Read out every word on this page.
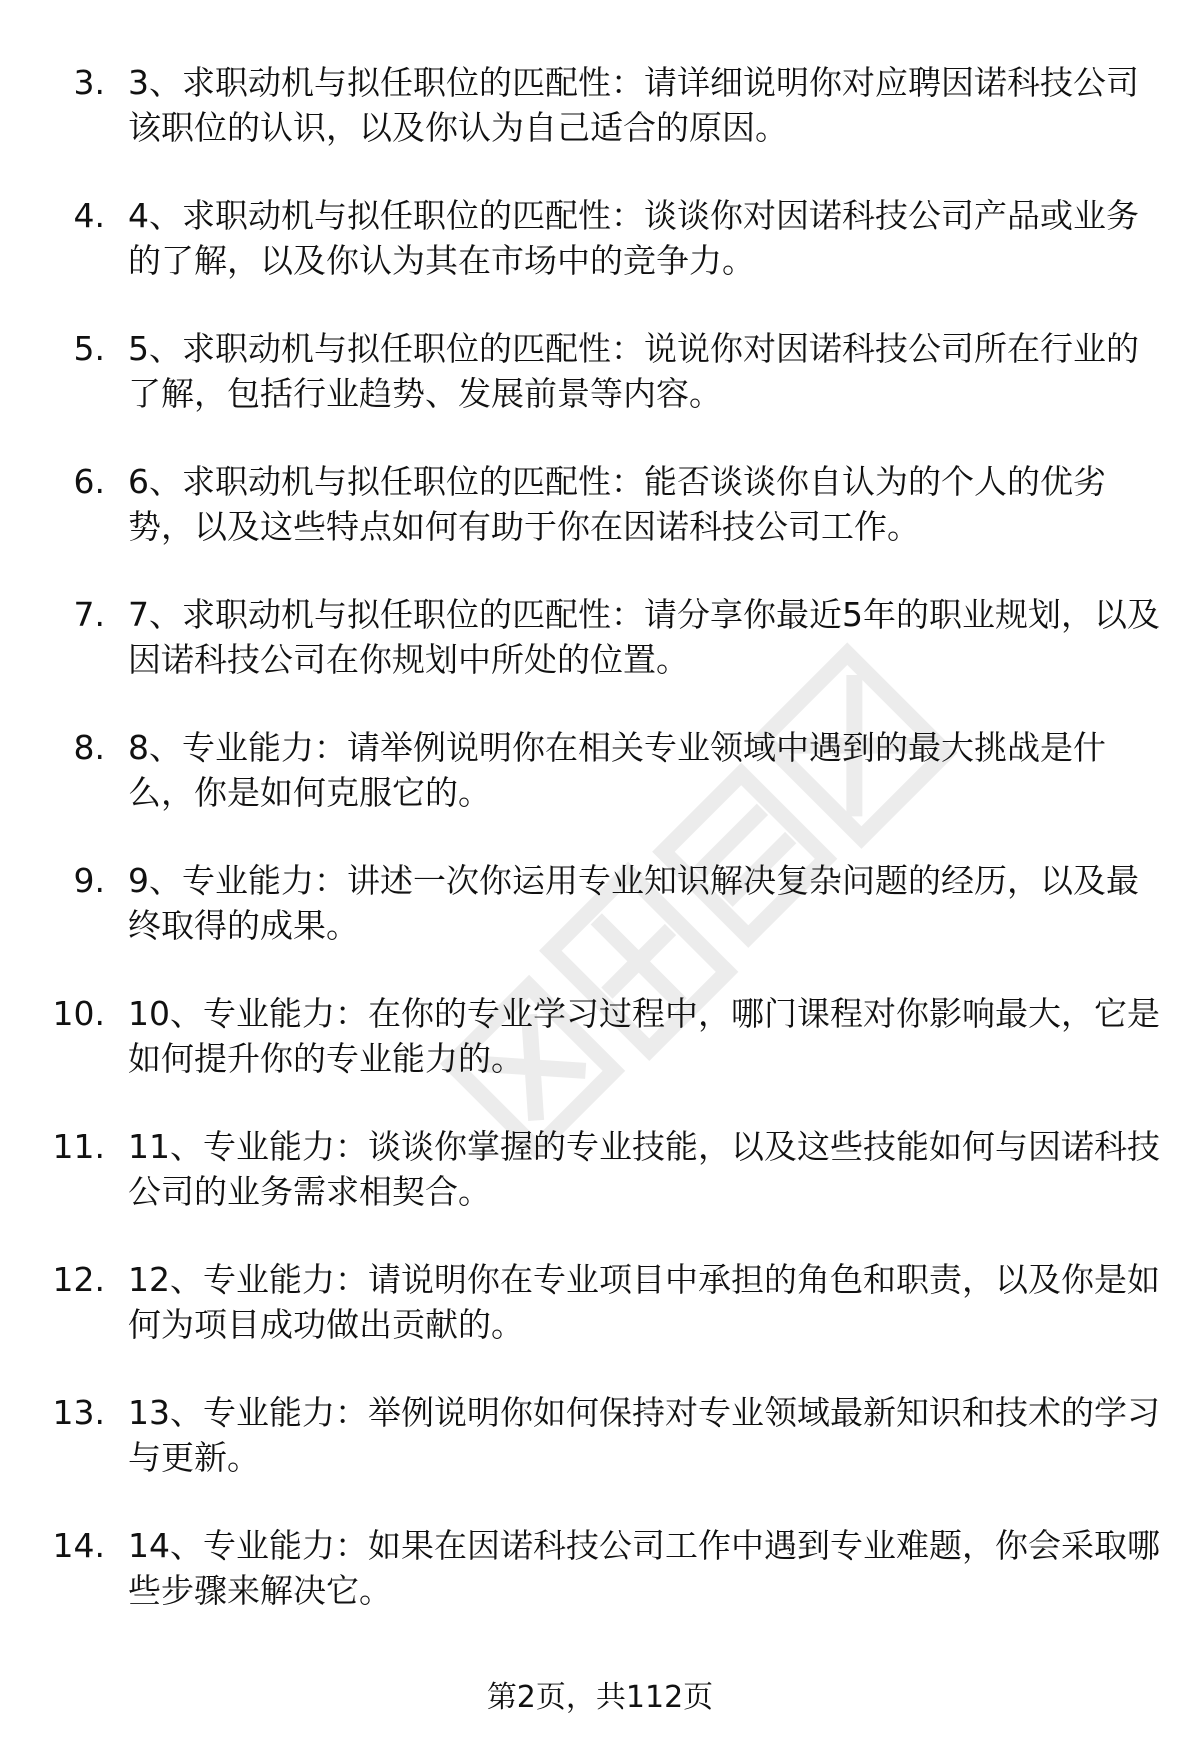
3. 3、求职动机与拟任职位的匹配性：请详细说明你对应聘因诺科技公司该职位的认识，以及你认为自己适合的原因。
4. 4、求职动机与拟任职位的匹配性：谈谈你对因诺科技公司产品或业务的了解，以及你认为其在市场中的竞争力。
5. 5、求职动机与拟任职位的匹配性：说说你对因诺科技公司所在行业的了解，包括行业趋势、发展前景等内容。
6. 6、求职动机与拟任职位的匹配性：能否谈谈你自认为的个人的优劣势，以及这些特点如何有助于你在因诺科技公司工作。
7. 7、求职动机与拟任职位的匹配性：请分享你最近5年的职业规划，以及因诺科技公司在你规划中所处的位置。
8. 8、专业能力：请举例说明你在相关专业领域中遇到的最大挑战是什么，你是如何克服它的。
9. 9、专业能力：讲述一次你运用专业知识解决复杂问题的经历，以及最终取得的成果。
10. 10、专业能力：在你的专业学习过程中，哪门课程对你影响最大，它是如何提升你的专业能力的。
11. 11、专业能力：谈谈你掌握的专业技能，以及这些技能如何与因诺科技公司的业务需求相契合。
12. 12、专业能力：请说明你在专业项目中承担的角色和职责，以及你是如何为项目成功做出贡献的。
13. 13、专业能力：举例说明你如何保持对专业领域最新知识和技术的学习与更新。
14. 14、专业能力：如果在因诺科技公司工作中遇到专业难题，你会采取哪些步骤来解决它。
第2页，共112页
